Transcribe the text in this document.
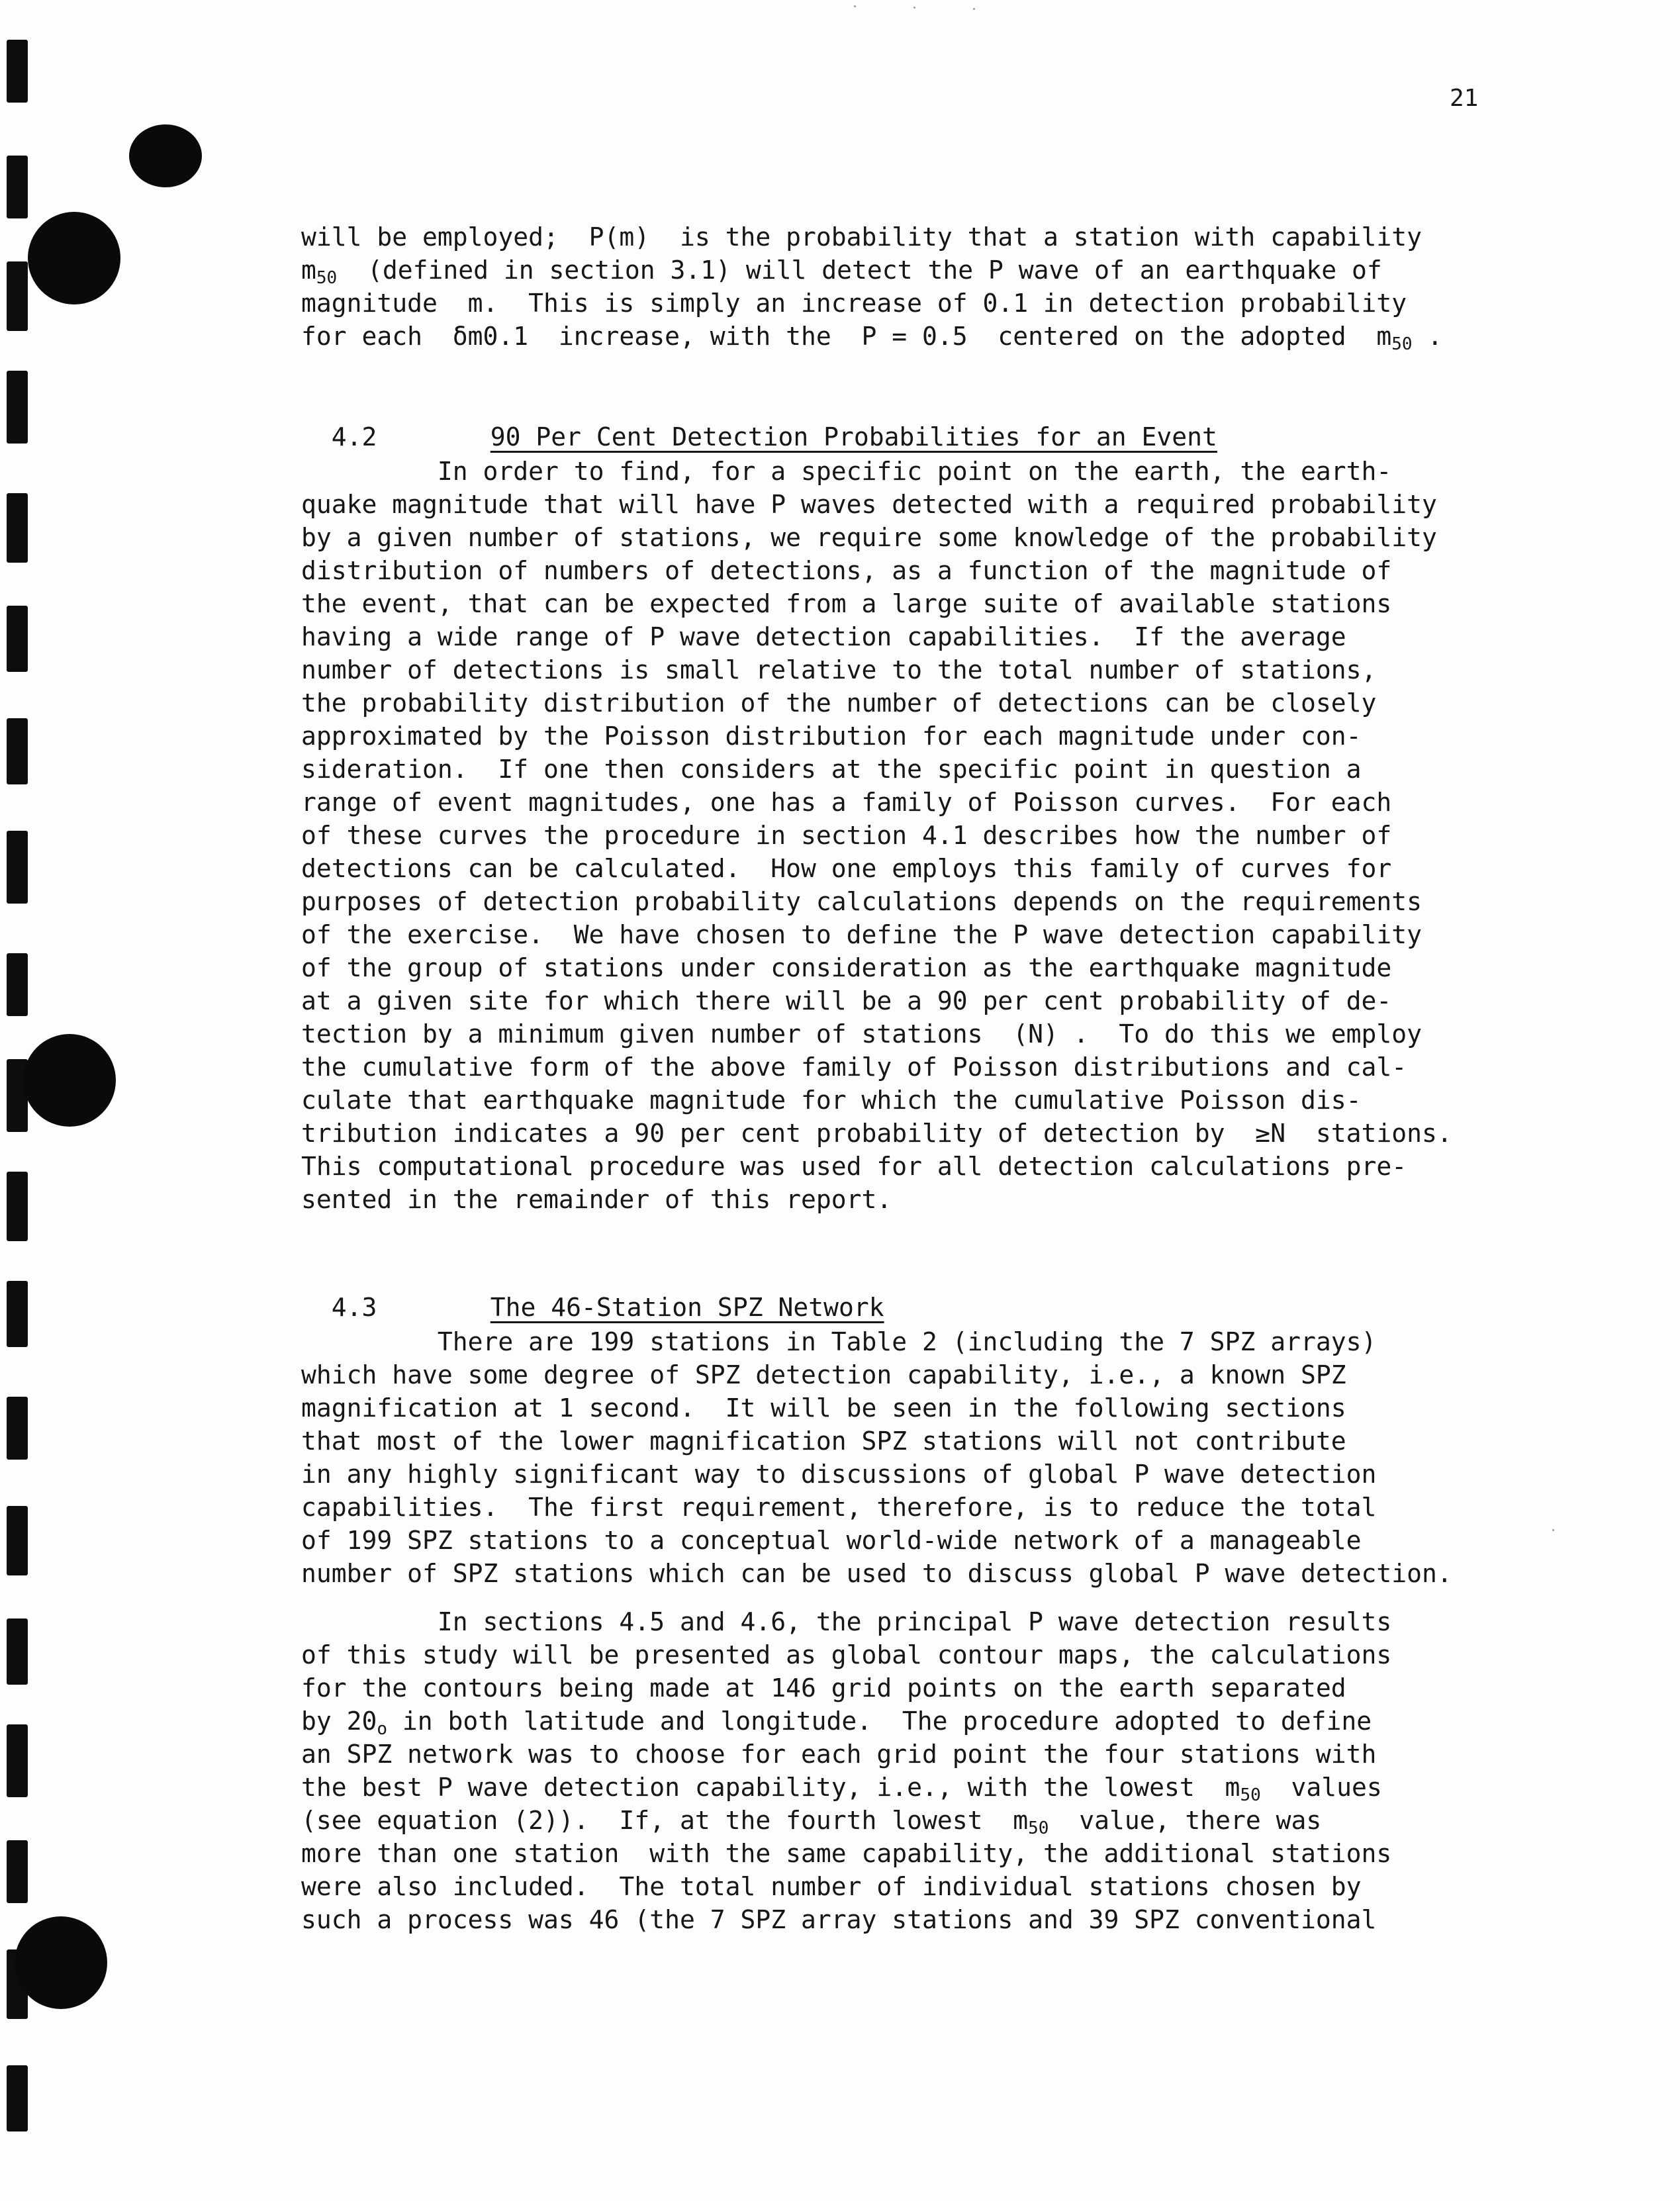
21
will be employed;  P(m)  is the probability that a station with capability
$m_{50}$  (defined in section 3.1) will detect the P wave of an earthquake of
magnitude  m.  This is simply an increase of 0.1 in detection probability
for each  δm0.1  increase, with the  P = 0.5  centered on the adopted  $m_{50}$ .

4.2	90 Per Cent Detection Probabilities for an Event

In order to find, for a specific point on the earth, the earth-
quake magnitude that will have P waves detected with a required probability
by a given number of stations, we require some knowledge of the probability
distribution of numbers of detections, as a function of the magnitude of
the event, that can be expected from a large suite of available stations
having a wide range of P wave detection capabilities.  If the average
number of detections is small relative to the total number of stations,
the probability distribution of the number of detections can be closely
approximated by the Poisson distribution for each magnitude under con-
sideration.  If one then considers at the specific point in question a
range of event magnitudes, one has a family of Poisson curves.  For each
of these curves the procedure in section 4.1 describes how the number of
detections can be calculated.  How one employs this family of curves for
purposes of detection probability calculations depends on the requirements
of the exercise.  We have chosen to define the P wave detection capability
of the group of stations under consideration as the earthquake magnitude
at a given site for which there will be a 90 per cent probability of de-
tection by a minimum given number of stations  (N) .  To do this we employ
the cumulative form of the above family of Poisson distributions and cal-
culate that earthquake magnitude for which the cumulative Poisson dis-
tribution indicates a 90 per cent probability of detection by  ≥N  stations.
This computational procedure was used for all detection calculations pre-
sented in the remainder of this report.

4.3	The 46-Station SPZ Network

There are 199 stations in Table 2 (including the 7 SPZ arrays)
which have some degree of SPZ detection capability, i.e., a known SPZ
magnification at 1 second.  It will be seen in the following sections
that most of the lower magnification SPZ stations will not contribute
in any highly significant way to discussions of global P wave detection
capabilities.  The first requirement, therefore, is to reduce the total
of 199 SPZ stations to a conceptual world-wide network of a manageable
number of SPZ stations which can be used to discuss global P wave detection.
In sections 4.5 and 4.6, the principal P wave detection results
of this study will be presented as global contour maps, the calculations
for the contours being made at 146 grid points on the earth separated
by $20_o$ in both latitude and longitude.  The procedure adopted to define
an SPZ network was to choose for each grid point the four stations with
the best P wave detection capability, i.e., with the lowest  $m_{50}$  values
(see equation (2)).  If, at the fourth lowest  $m_{50}$  value, there was
more than one station  with the same capability, the additional stations
were also included.  The total number of individual stations chosen by
such a process was 46 (the 7 SPZ array stations and 39 SPZ conventional
